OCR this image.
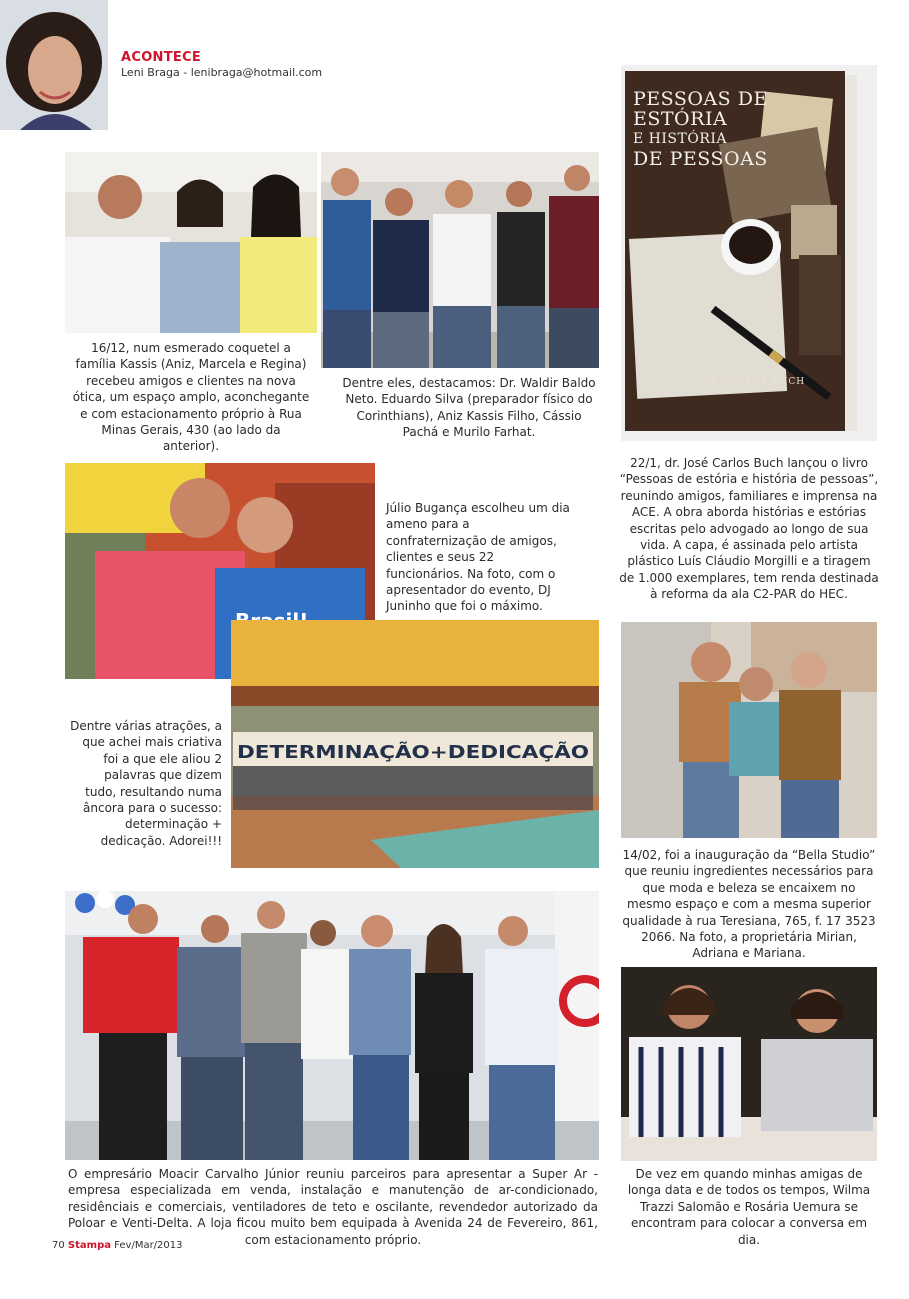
ACONTECE
Leni Braga - lenibraga@hotmail.com
16/12, num esmerado coquetel a família Kassis (Aniz, Marcela e Regina) recebeu amigos e clientes na nova ótica, um espaço amplo, aconchegante e com estacionamento próprio à Rua Minas Gerais, 430 (ao lado da anterior).
Dentre eles, destacamos: Dr. Waldir Baldo Neto. Eduardo Silva (preparador físico do Corinthians), Aniz Kassis Filho, Cássio Pachá e Murilo Farhat.
PESSOAS DE
ESTÓRIA
E HISTÓRIA
DE PESSOAS
JOSÉ CARLOS BUCH
22/1, dr. José Carlos Buch lançou o livro “Pessoas de estória e história de pessoas”, reunindo amigos, familiares e imprensa na ACE. A obra aborda histórias e estórias escritas pelo advogado ao longo de sua vida. A capa, é assinada pelo artista plástico Luís Cláudio Morgilli e a tiragem de 1.000 exemplares, tem renda destinada à reforma da ala C2-PAR do HEC.
Júlio Bugança escolheu um dia ameno para a confraternização de amigos, clientes e seus 22 funcionários. Na foto, com o apresentador do evento, DJ Juninho que foi o máximo.
DETERMINAÇÃO+DEDICAÇÃO
Dentre várias atrações, a que achei mais criativa foi a que ele aliou 2 palavras que dizem tudo, resultando numa âncora para o sucesso: determinação + dedicação. Adorei!!!
14/02, foi a inauguração da “Bella Studio” que reuniu ingredientes necessários para que moda e beleza se encaixem no mesmo espaço e com a mesma superior qualidade à rua Teresiana, 765, f. 17 3523 2066. Na foto, a proprietária Mirian, Adriana e Mariana.
O empresário Moacir Carvalho Júnior reuniu parceiros para apresentar a Super Ar - empresa especializada em venda, instalação e manutenção de ar-condicionado, residênciais e comerciais, ventiladores de teto e oscilante, revendedor autorizado da Poloar e Venti-Delta. A loja ficou muito bem equipada à Avenida 24 de Fevereiro, 861, com estacionamento próprio.
De vez em quando minhas amigas de longa data e de todos os tempos, Wilma Trazzi Salomão e Rosária Uemura se encontram para colocar a conversa em dia.
70 Stampa Fev/Mar/2013
